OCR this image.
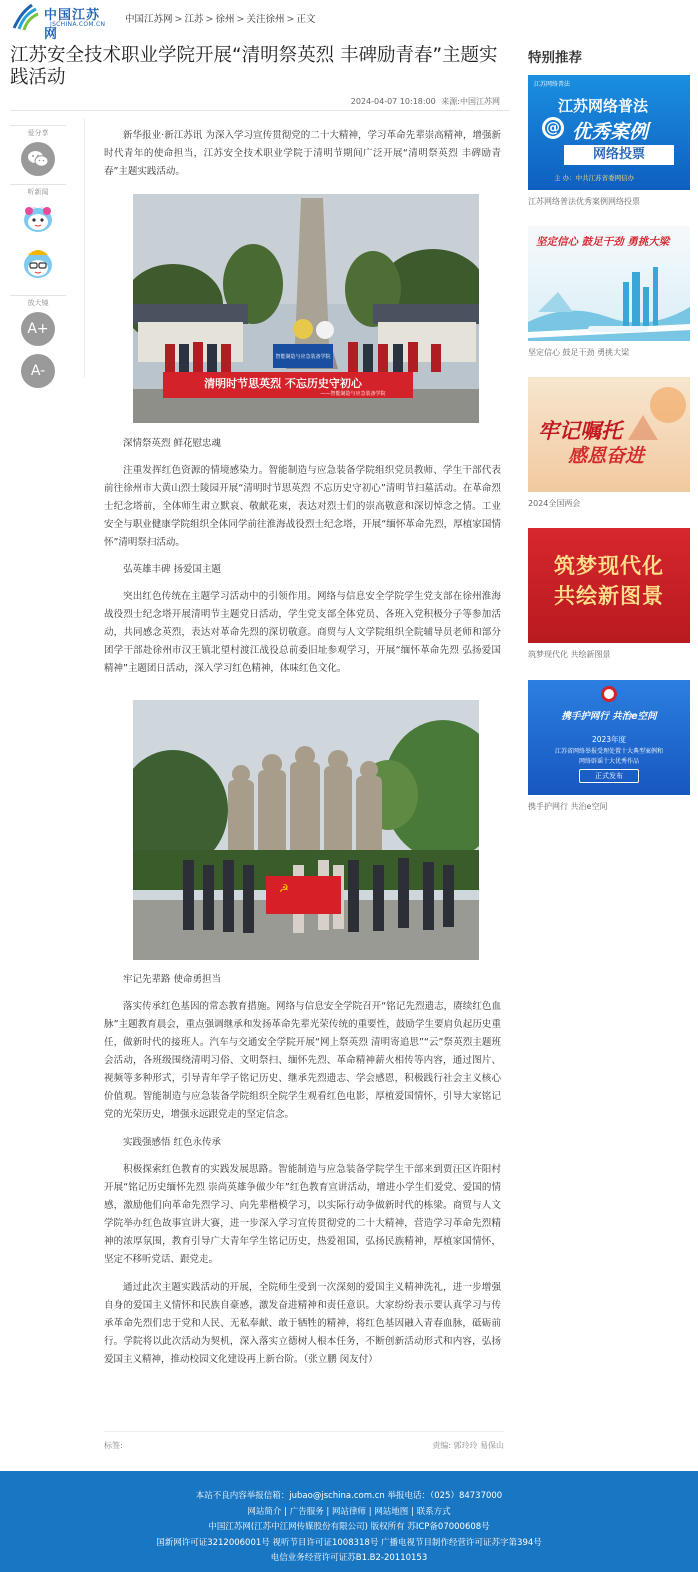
中国江苏网
JSCHINA.COM.CN 中国江苏网 > 江苏 > 徐州 > 关注徐州 > 正文
江苏安全技术职业学院开展“清明祭英烈 丰碑励青春”主题实践活动
2024-04-07 10:18:00 来源:中国江苏网
爱分享
听新闻

放大镜
A+
A-

新华报业·新江苏讯 为深入学习宣传贯彻党的二十大精神，学习革命先辈崇高精神，增强新时代青年的使命担当，江苏安全技术职业学院于清明节期间广泛开展“清明祭英烈 丰碑励青春”主题实践活动。

智能制造与应急装备学院
清明时节思英烈 不忘历史守初心
——智能制造与应急装备学院

深情祭英烈 鲜花慰忠魂

注重发挥红色资源的情境感染力。智能制造与应急装备学院组织党员教师、学生干部代表前往徐州市大黄山烈士陵园开展“清明时节思英烈 不忘历史守初心”清明节扫墓活动。在革命烈士纪念塔前，全体师生肃立默哀、敬献花束，表达对烈士们的崇高敬意和深切悼念之情。工业安全与职业健康学院组织全体同学前往淮海战役烈士纪念塔，开展“缅怀革命先烈，厚植家国情怀”清明祭扫活动。

弘英雄丰碑 扬爱国主题

突出红色传统在主题学习活动中的引领作用。网络与信息安全学院学生党支部在徐州淮海战役烈士纪念塔开展清明节主题党日活动，学生党支部全体党员、各班入党积极分子等参加活动，共同感念英烈，表达对革命先烈的深切敬意。商贸与人文学院组织全院辅导员老师和部分团学干部赴徐州市汉王镇北望村渡江战役总前委旧址参观学习，开展“缅怀革命先烈 弘扬爱国精神”主题团日活动，深入学习红色精神，体味红色文化。

☭

牢记先辈路 使命勇担当

落实传承红色基因的常态教育措施。网络与信息安全学院召开“铭记先烈遗志，赓续红色血脉”主题教育晨会，重点强调继承和发扬革命先辈光荣传统的重要性，鼓励学生要肩负起历史重任，做新时代的接班人。汽车与交通安全学院开展“网上祭英烈 清明寄追思”“云”祭英烈主题班会活动，各班级围绕清明习俗、文明祭扫、缅怀先烈、革命精神薪火相传等内容，通过图片、视频等多种形式，引导青年学子铭记历史、继承先烈遗志、学会感恩，积极践行社会主义核心价值观。智能制造与应急装备学院组织全院学生观看红色电影，厚植爱国情怀，引导大家铭记党的光荣历史，增强永远跟党走的坚定信念。

实践强感悟 红色永传承

积极探索红色教育的实践发展思路。智能制造与应急装备学院学生干部来到贾汪区许阳村开展“铭记历史缅怀先烈 崇尚英雄争做少年”红色教育宣讲活动，增进小学生们爱党、爱国的情感，激励他们向革命先烈学习、向先辈楷模学习，以实际行动争做新时代的栋梁。商贸与人文学院举办红色故事宣讲大赛，进一步深入学习宣传贯彻党的二十大精神，营造学习革命先烈精神的浓厚氛围，教育引导广大青年学生铭记历史，热爱祖国，弘扬民族精神，厚植家国情怀，坚定不移听党话、跟党走。

通过此次主题实践活动的开展，全院师生受到一次深刻的爱国主义精神洗礼，进一步增强自身的爱国主义情怀和民族自豪感，激发奋进精神和责任意识。大家纷纷表示要认真学习与传承革命先烈们忠于党和人民、无私奉献、敢于牺牲的精神，将红色基因融入青春血脉，砥砺前行。学院将以此次活动为契机，深入落实立德树人根本任务，不断创新活动形式和内容，弘扬爱国主义精神，推动校园文化建设再上新台阶。（张立鹏 闵友付）

标签:	责编: 郭玲玲 易保山
特别推荐
江苏网络普法
江苏网络普法
@ 优秀案例
网络投票
主 办：中共江苏省委网信办
江苏网络普法优秀案例网络投票
坚定信心 鼓足干劲 勇挑大梁
坚定信心 鼓足干劲 勇挑大梁
牢记嘱托
感恩奋进
2024全国两会
筑梦现代化
共绘新图景
筑梦现代化 共绘新图景
携手护网行 共治e空间
2023年度
江苏省网络举报受理处置十大典型案例和
网络辟谣十大优秀作品
正式发布
携手护网行 共治e空间
本站不良内容举报信箱：jubao@jschina.com.cn 举报电话：（025）84737000
网站简介 | 广告服务 | 网站律师 | 网站地图 | 联系方式
中国江苏网(江苏中江网传媒股份有限公司) 版权所有 苏ICP备07000608号
国新网许可证3212006001号 视听节目许可证1008318号 广播电视节目制作经营许可证苏字第394号
电信业务经营许可证苏B1.B2-20110153
